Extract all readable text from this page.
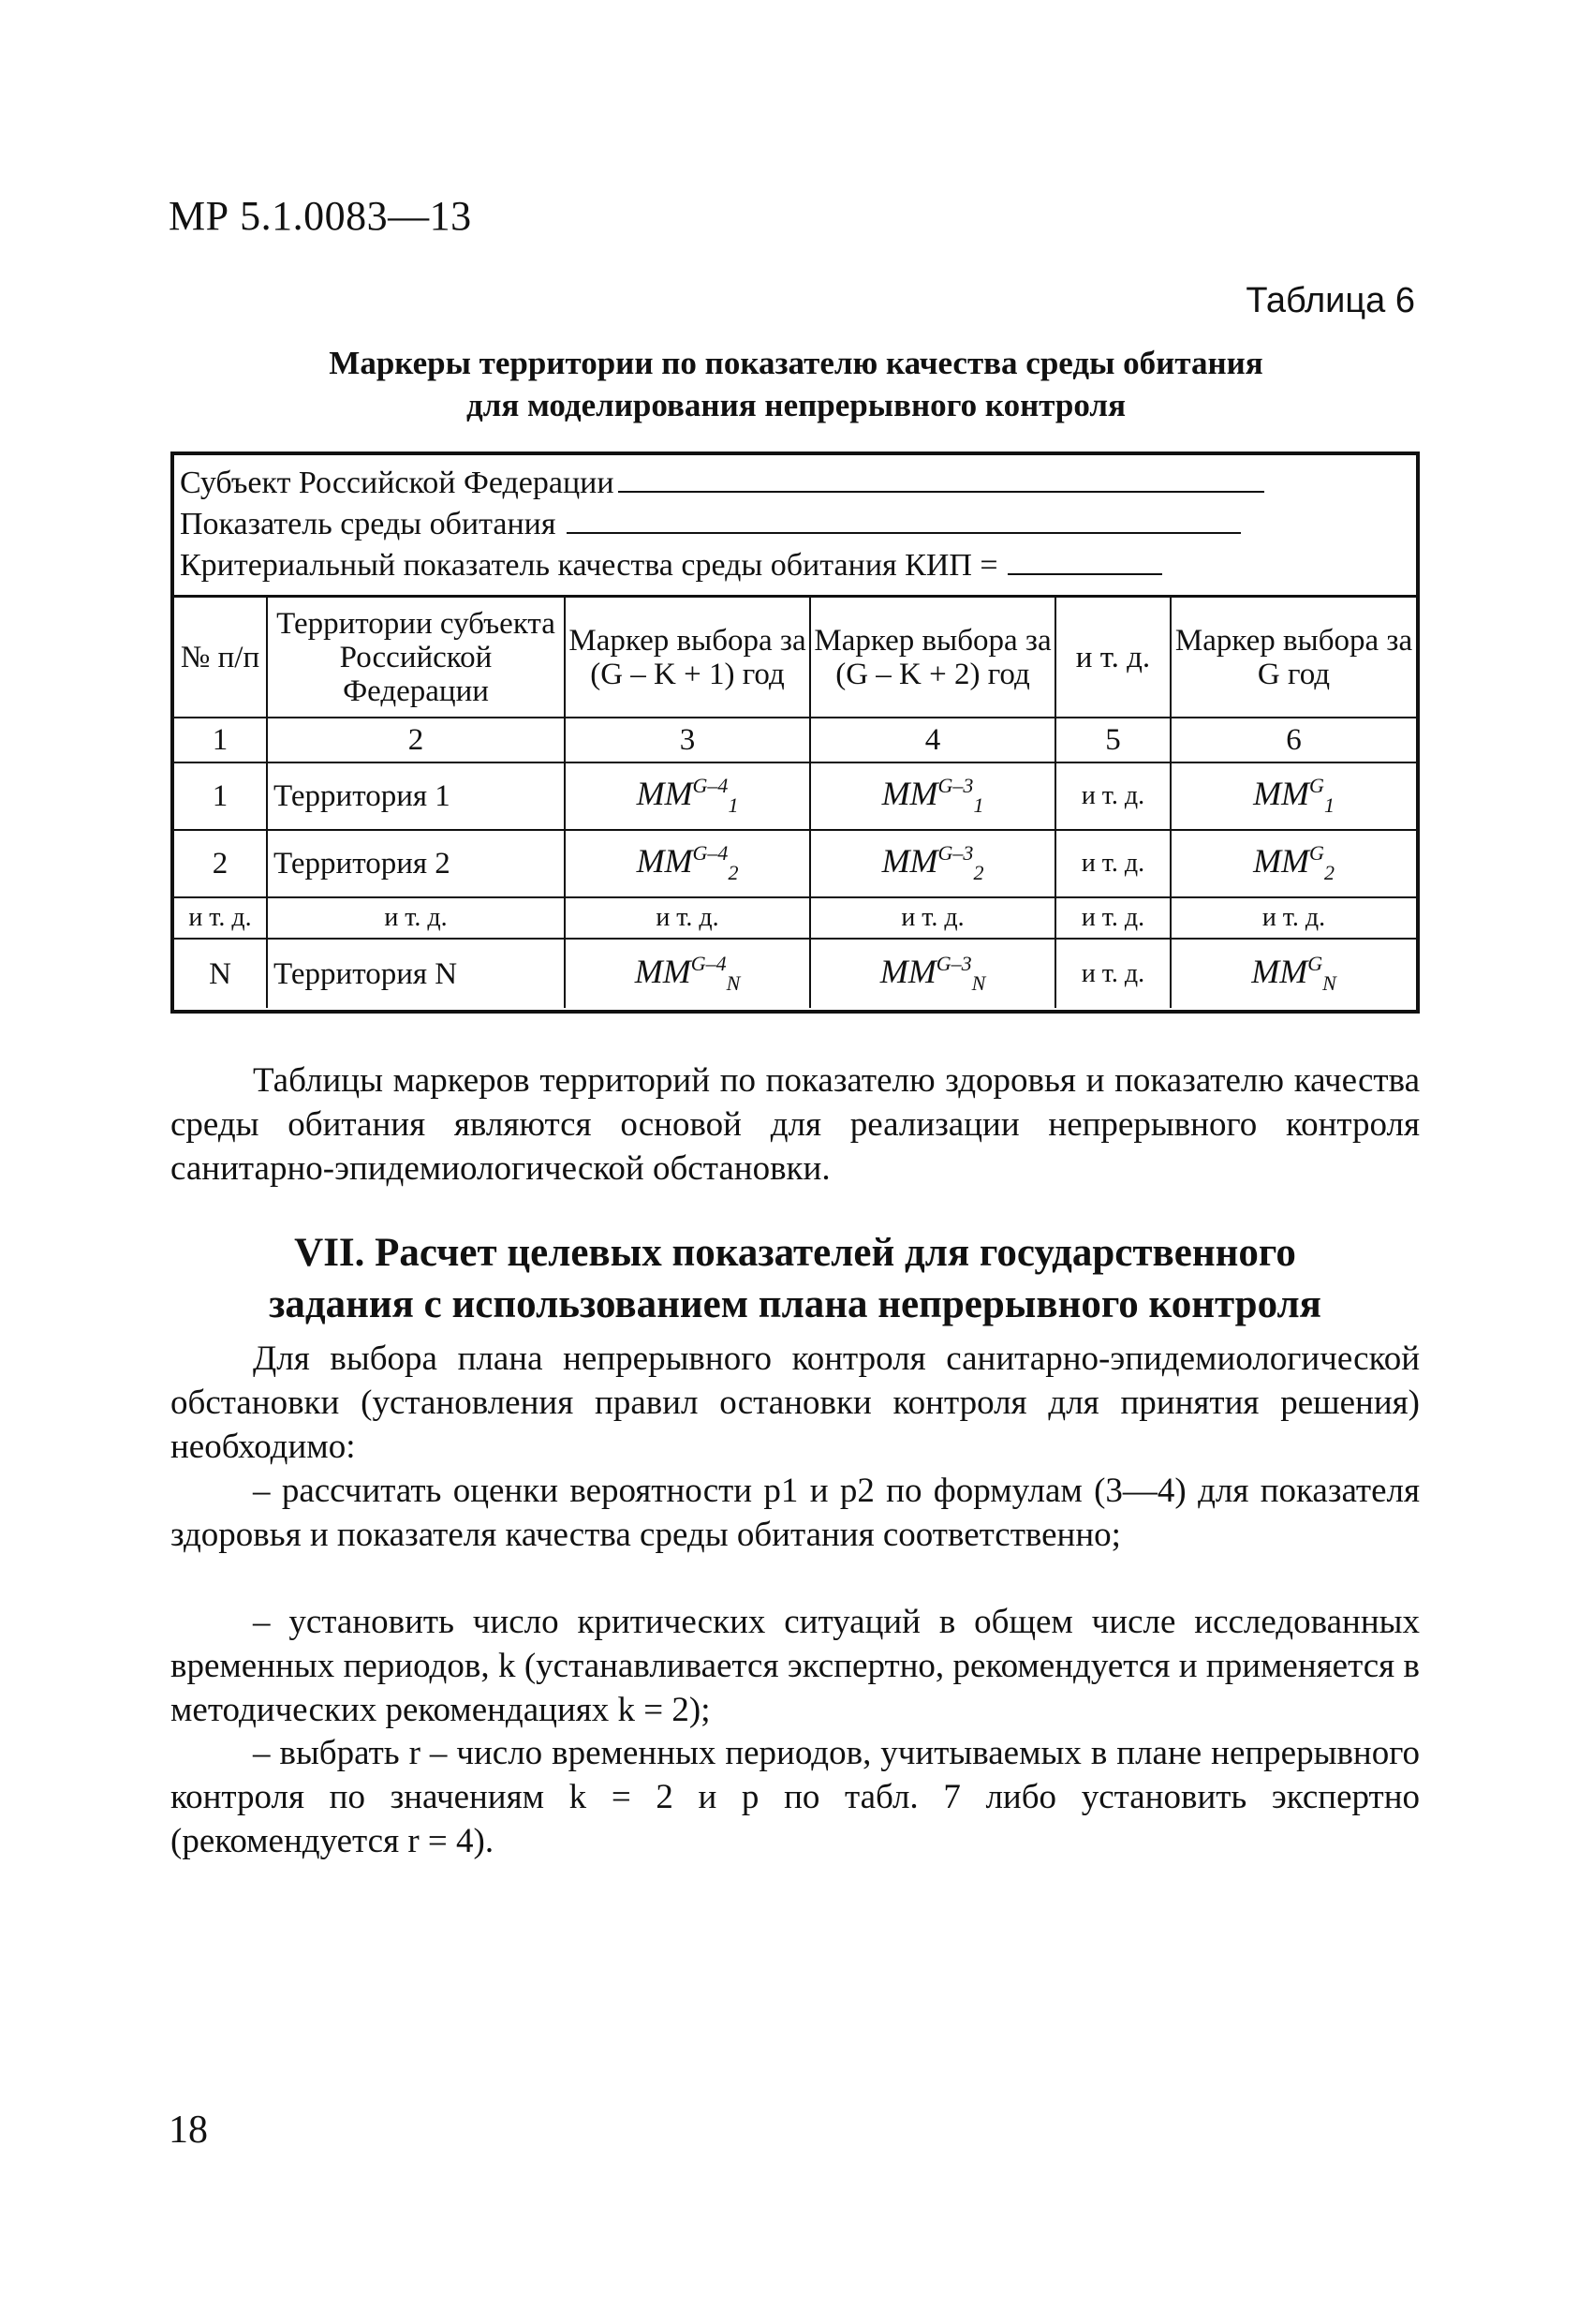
МР 5.1.0083—13
Таблица 6
Маркеры территории по показателю качества среды обитания
для моделирования непрерывного контроля
Субъект Российской Федерации
Показатель среды обитания
Критериальный показатель качества среды обитания КИП =
№ п/п	Территории субъекта Российской Федерации	Маркер выбора за (G – K + 1) год	Маркер выбора за (G – K + 2) год	и т. д.	Маркер выбора за G год
1	2	3	4	5	6
1	Территория 1	$MM^{G-4}_1$	$MM^{G-3}_1$	и т. д.	$MM^G_1$
2	Территория 2	$MM^{G-4}_2$	$MM^{G-3}_2$	и т. д.	$MM^G_2$
и т. д.	и т. д.	и т. д.	и т. д.	и т. д.	и т. д.
N	Территория N	$MM^{G-4}_N$	$MM^{G-3}_N$	и т. д.	$MM^G_N$
Таблицы маркеров территорий по показателю здоровья и показателю качества среды обитания являются основой для реализации непрерывного контроля санитарно-эпидемиологической обстановки.
VII. Расчет целевых показателей для государственного
задания с использованием плана непрерывного контроля
Для выбора плана непрерывного контроля санитарно-эпидемиологической обстановки (установления правил остановки контроля для принятия решения) необходимо:
– рассчитать оценки вероятности p1 и p2 по формулам (3—4) для показателя здоровья и показателя качества среды обитания соответственно;
– установить число критических ситуаций в общем числе исследованных временных периодов, k (устанавливается экспертно, рекомендуется и применяется в методических рекомендациях k = 2);
– выбрать r – число временных периодов, учитываемых в плане непрерывного контроля по значениям k = 2 и p по табл. 7 либо установить экспертно (рекомендуется r = 4).
18
